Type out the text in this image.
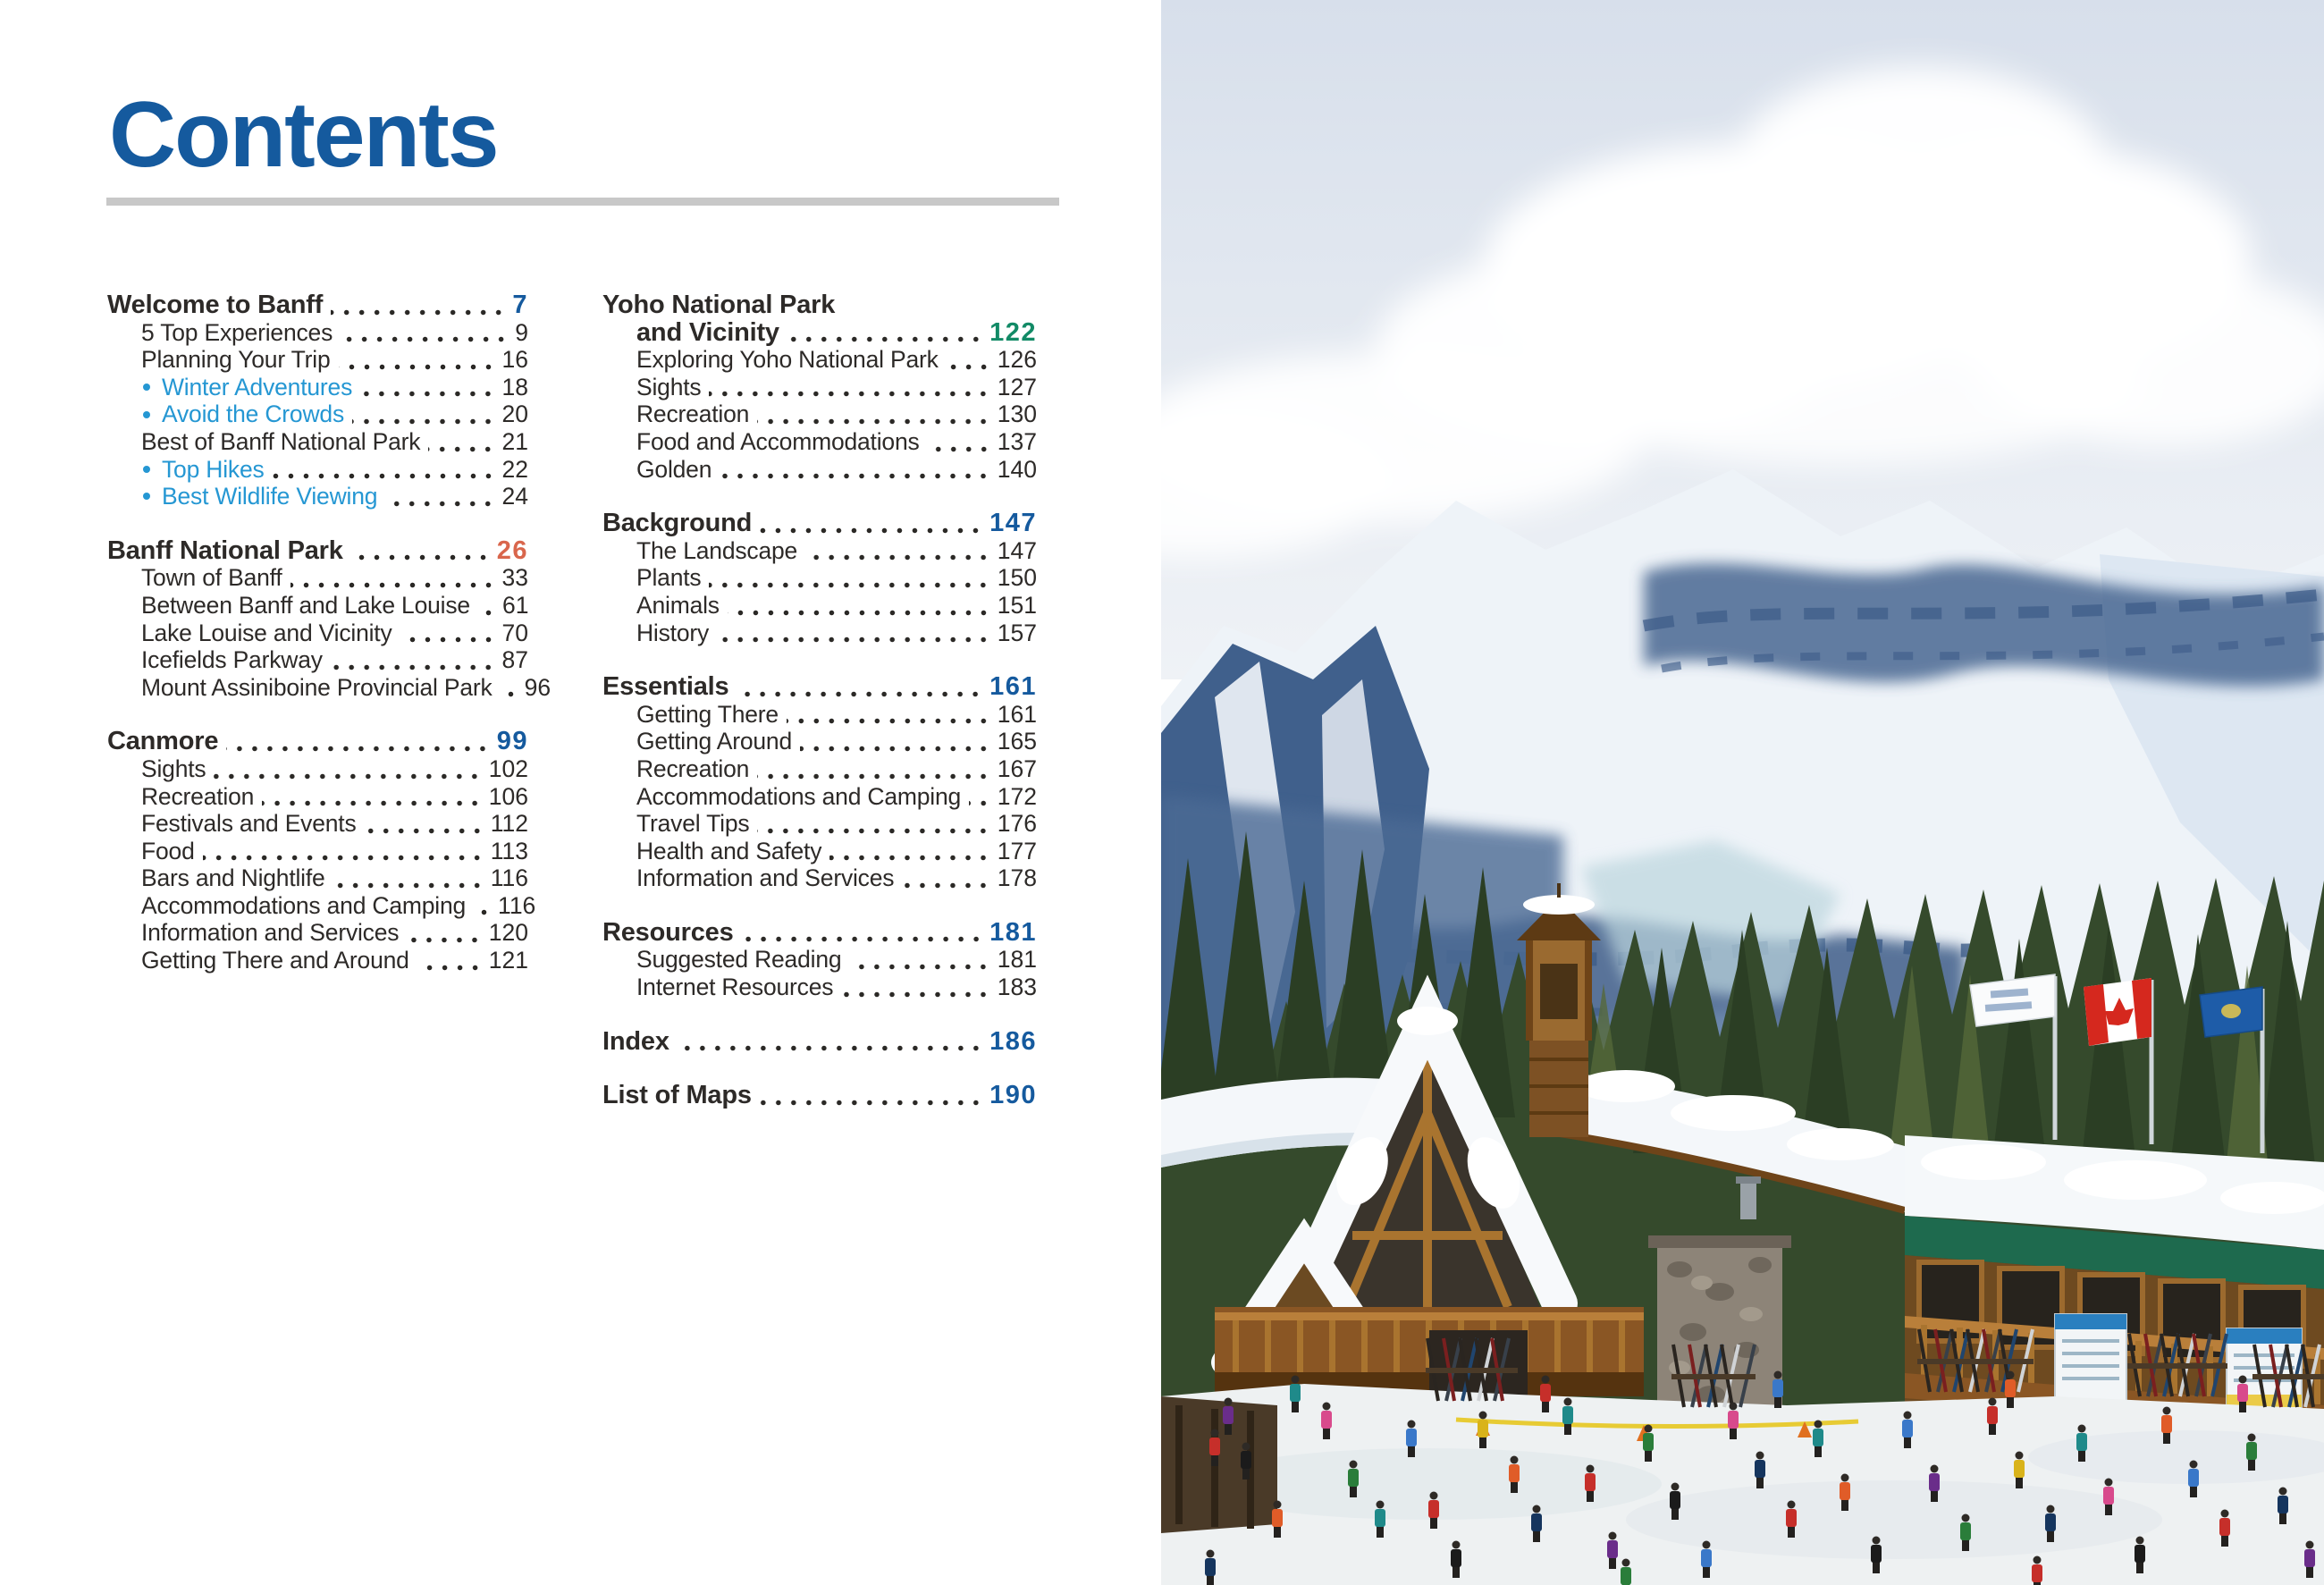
Contents
Welcome to Banff	7
5 Top Experiences	9
Planning Your Trip	16
Winter Adventures	18
Avoid the Crowds	20
Best of Banff National Park	21
Top Hikes	22
Best Wildlife Viewing	24
Banff National Park	26
Town of Banff	33
Between Banff and Lake Louise 61
Lake Louise and Vicinity	70
Icefields Parkway	87
Mount Assiniboine Provincial Park 96
Canmore	99
Sights	102
Recreation	106
Festivals and Events	112
Food	113
Bars and Nightlife	116
Accommodations and Camping 116
Information and Services	120
Getting There and Around	121
Yoho National Park
and Vicinity	122
Exploring Yoho National Park 126
Sights	127
Recreation	130
Food and Accommodations	137
Golden	140
Background	147
The Landscape	147
Plants	150
Animals	151
History	157
Essentials	161
Getting There	161
Getting Around	165
Recreation	167
Accommodations and Camping 172
Travel Tips	176
Health and Safety	177
Information and Services	178
Resources	181
Suggested Reading	181
Internet Resources	183
Index	186
List of Maps	190
